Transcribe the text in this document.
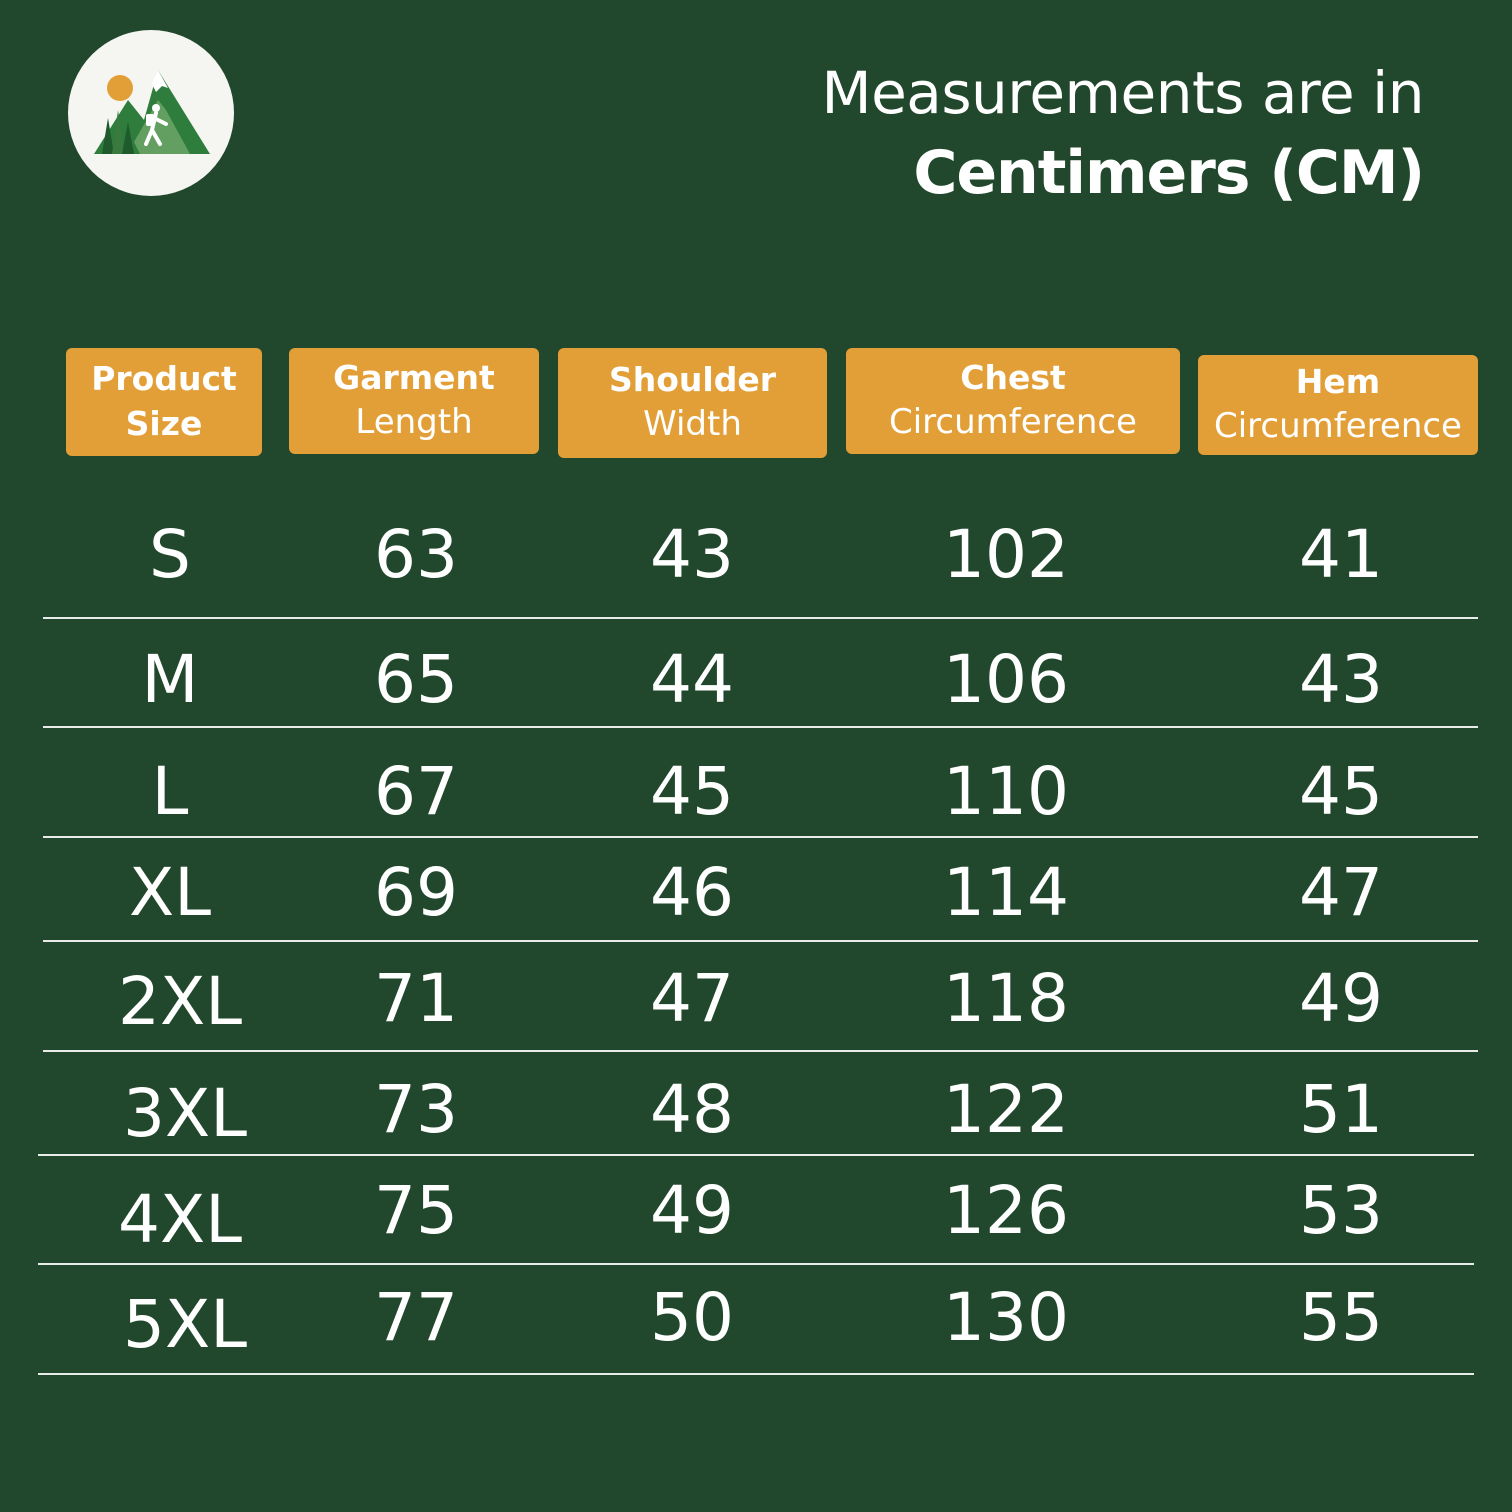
Measurements are in
Centimers (CM)
Product
Size
Garment
Length
Shoulder
Width
Chest
Circumference
Hem
Circumference
S	63	43	102	41
M	65	44	106	43
L	67	45	110	45
XL	69	46	114	47
2XL	71	47	118	49
3XL	73	48	122	51
4XL	75	49	126	53
5XL	77	50	130	55
